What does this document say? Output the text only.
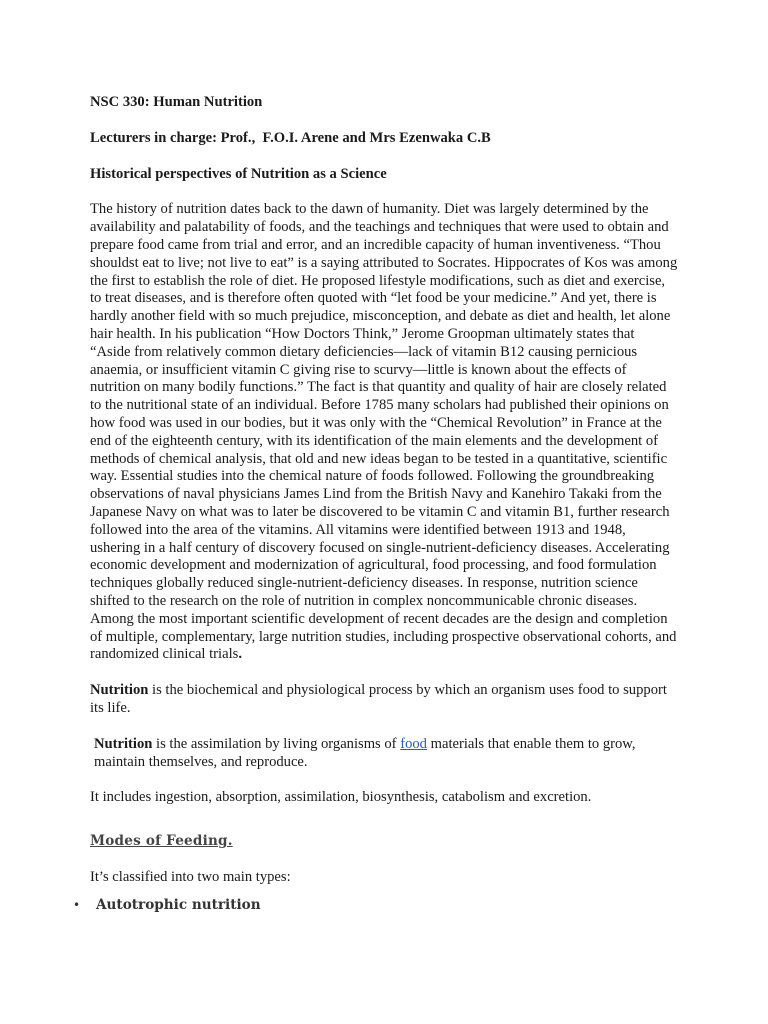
NSC 330: Human Nutrition

Lecturers in charge: Prof.,  F.O.I. Arene and Mrs Ezenwaka C.B

Historical perspectives of Nutrition as a Science

The history of nutrition dates back to the dawn of humanity. Diet was largely determined by the availability and palatability of foods, and the teachings and techniques that were used to obtain and prepare food came from trial and error, and an incredible capacity of human inventiveness. “Thou shouldst eat to live; not live to eat” is a saying attributed to Socrates. Hippocrates of Kos was among the first to establish the role of diet. He proposed lifestyle modifications, such as diet and exercise, to treat diseases, and is therefore often quoted with “let food be your medicine.” And yet, there is hardly another field with so much prejudice, misconception, and debate as diet and health, let alone hair health. In his publication “How Doctors Think,” Jerome Groopman ultimately states that “Aside from relatively common dietary deficiencies—lack of vitamin B12 causing pernicious anaemia, or insufficient vitamin C giving rise to scurvy—little is known about the effects of nutrition on many bodily functions.” The fact is that quantity and quality of hair are closely related to the nutritional state of an individual. Before 1785 many scholars had published their opinions on how food was used in our bodies, but it was only with the “Chemical Revolution” in France at the end of the eighteenth century, with its identification of the main elements and the development of methods of chemical analysis, that old and new ideas began to be tested in a quantitative, scientific way. Essential studies into the chemical nature of foods followed. Following the groundbreaking observations of naval physicians James Lind from the British Navy and Kanehiro Takaki from the Japanese Navy on what was to later be discovered to be vitamin C and vitamin B1, further research followed into the area of the vitamins. All vitamins were identified between 1913 and 1948, ushering in a half century of discovery focused on single-nutrient-deficiency diseases. Accelerating economic development and modernization of agricultural, food processing, and food formulation techniques globally reduced single-nutrient-deficiency diseases. In response, nutrition science shifted to the research on the role of nutrition in complex noncommunicable chronic diseases. Among the most important scientific development of recent decades are the design and completion of multiple, complementary, large nutrition studies, including prospective observational cohorts, and randomized clinical trials.

Nutrition is the biochemical and physiological process by which an organism uses food to support its life.

Nutrition is the assimilation by living organisms of food materials that enable them to grow, maintain themselves, and reproduce.

It includes ingestion, absorption, assimilation, biosynthesis, catabolism and excretion.

Modes of Feeding.

It’s classified into two main types:

• Autotrophic nutrition
